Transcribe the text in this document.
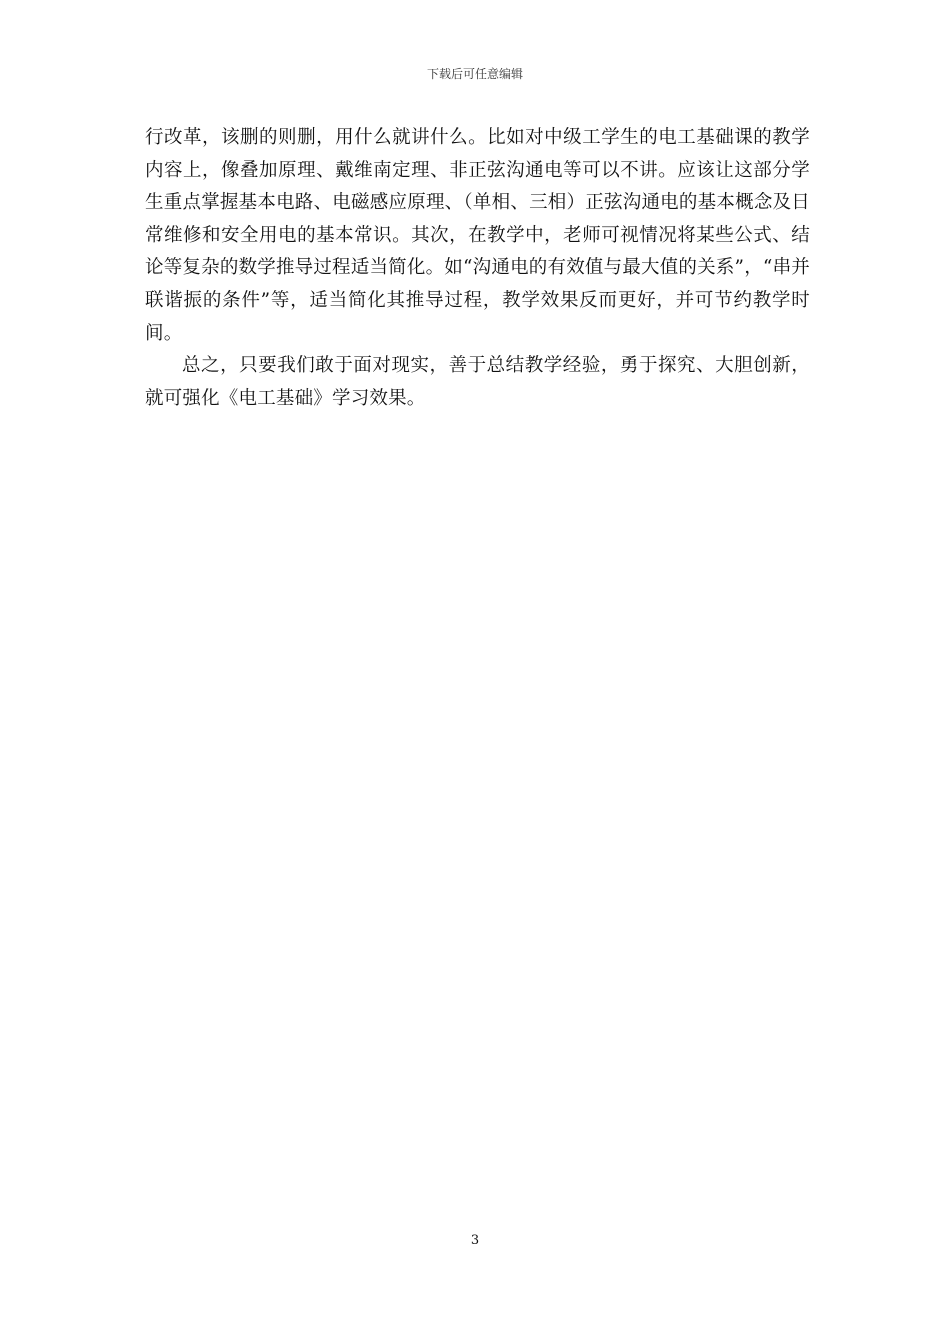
下载后可任意编辑

行改革，该删的则删，用什么就讲什么。比如对中级工学生的电工基础课的教学内容上，像叠加原理、戴维南定理、非正弦沟通电等可以不讲。应该让这部分学生重点掌握基本电路、电磁感应原理、（单相、三相）正弦沟通电的基本概念及日常维修和安全用电的基本常识。其次，在教学中，老师可视情况将某些公式、结论等复杂的数学推导过程适当简化。如“沟通电的有效值与最大值的关系”，“串并联谐振的条件”等，适当简化其推导过程，教学效果反而更好，并可节约教学时间。

总之，只要我们敢于面对现实，善于总结教学经验，勇于探究、大胆创新，就可强化《电工基础》学习效果。

3
